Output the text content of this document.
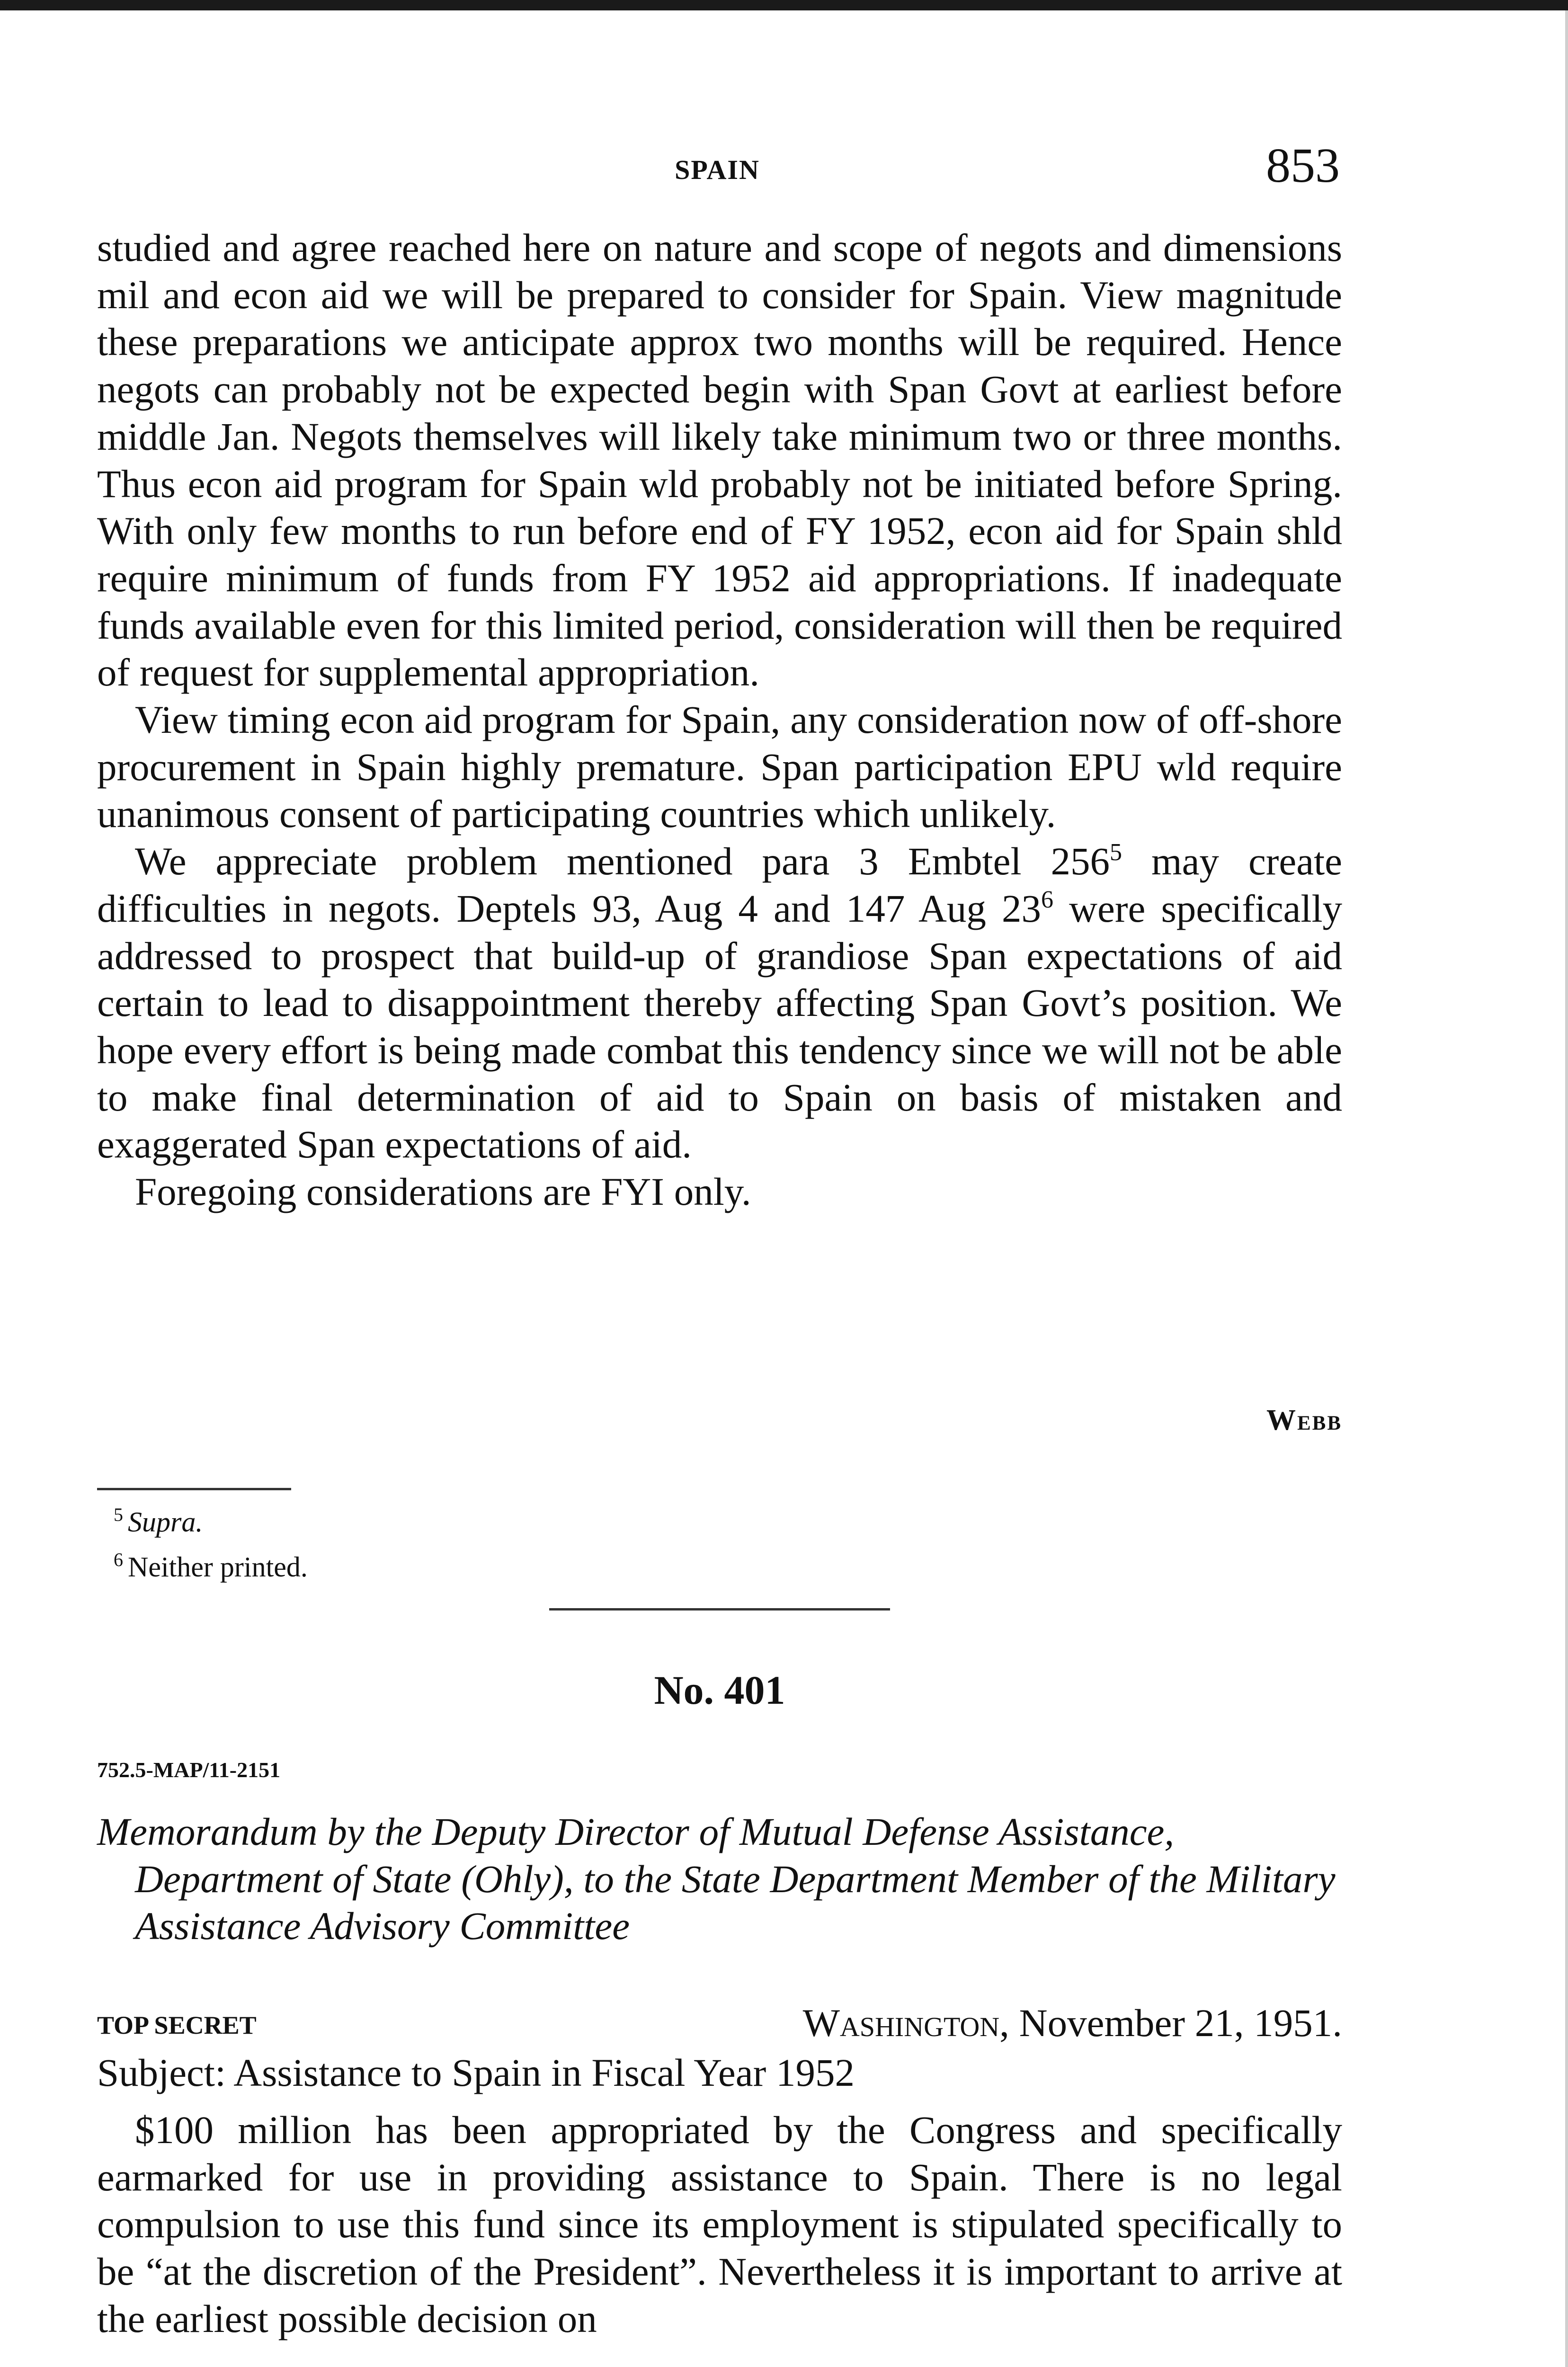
SPAIN	853

studied and agree reached here on nature and scope of negots and dimensions mil and econ aid we will be prepared to consider for Spain. View magnitude these preparations we anticipate approx two months will be required. Hence negots can probably not be expected begin with Span Govt at earliest before middle Jan. Negots themselves will likely take minimum two or three months. Thus econ aid program for Spain wld probably not be initiated before Spring. With only few months to run before end of FY 1952, econ aid for Spain shld require minimum of funds from FY 1952 aid appropriations. If inadequate funds available even for this limited period, consideration will then be required of request for supplemental appropriation.

View timing econ aid program for Spain, any consideration now of off-shore procurement in Spain highly premature. Span participation EPU wld require unanimous consent of participating countries which unlikely.

We appreciate problem mentioned para 3 Embtel $256^5$ may create difficulties in negots. Deptels 93, Aug 4 and 147 Aug $23^6$ were specifically addressed to prospect that build-up of grandiose Span expectations of aid certain to lead to disappointment thereby affecting Span Govt’s position. We hope every effort is being made combat this tendency since we will not be able to make final determination of aid to Spain on basis of mistaken and exaggerated Span expectations of aid.

Foregoing considerations are FYI only.

Webb

$^5$ Supra.

$^6$ Neither printed.

No. 401
752.5-MAP/11-2151
Memorandum by the Deputy Director of Mutual Defense Assistance, Department of State (Ohly), to the State Department Member of the Military Assistance Advisory Committee
TOP SECRET	Washington, November 21, 1951.
Subject: Assistance to Spain in Fiscal Year 1952

$100 million has been appropriated by the Congress and specifically earmarked for use in providing assistance to Spain. There is no legal compulsion to use this fund since its employment is stipulated specifically to be “at the discretion of the President”. Nevertheless it is important to arrive at the earliest possible decision on
